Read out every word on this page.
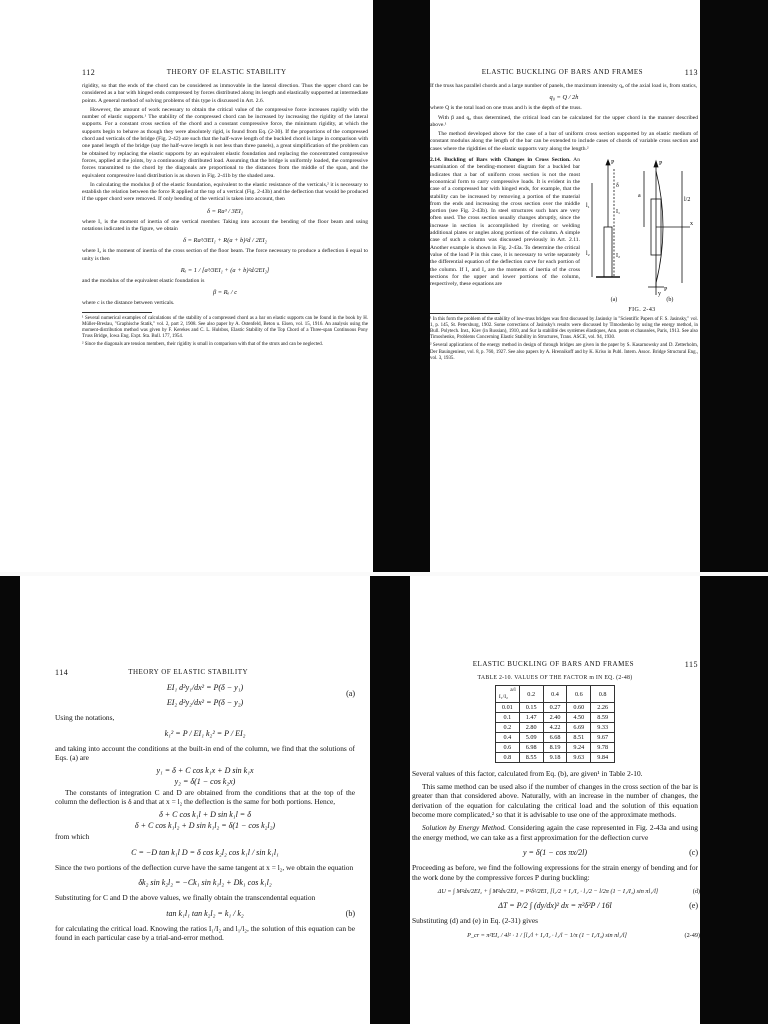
112	THEORY OF ELASTIC STABILITY

rigidity, so that the ends of the chord can be considered as immovable in the lateral direction. Thus the upper chord can be considered as a bar with hinged ends compressed by forces distributed along its length and elastically supported at intermediate points. A general method of solving problems of this type is discussed in Art. 2.6.

However, the amount of work necessary to obtain the critical value of the compressive force increases rapidly with the number of elastic supports.¹ The stability of the compressed chord can be increased by increasing the rigidity of the lateral supports. For a constant cross section of the chord and a constant compressive force, the minimum rigidity, at which the supports begin to behave as though they were absolutely rigid, is found from Eq. (2-30). If the proportions of the compressed chord and verticals of the bridge (Fig. 2-42) are such that the half-wave length of the buckled chord is large in comparison with one panel length of the bridge (say the half-wave length is not less than three panels), a great simplification of the problem can be obtained by replacing the elastic supports by an equivalent elastic foundation and replacing the concentrated compressive forces, applied at the joints, by a continuously distributed load. Assuming that the bridge is uniformly loaded, the compressive forces transmitted to the chord by the diagonals are proportional to the distances from the middle of the span, and the equivalent compressive load distribution is as shown in Fig. 2-41b by the shaded area.

In calculating the modulus β of the elastic foundation, equivalent to the elastic resistance of the verticals,² it is necessary to establish the relation between the force R applied at the top of a vertical (Fig. 2-43b) and the deflection that would be produced if the upper chord were removed. If only bending of the vertical is taken into account, then

δ = Ra³ / 3EI₁

where I₁ is the moment of inertia of one vertical member. Taking into account the bending of the floor beam and using notations indicated in the figure, we obtain

δ = Ra³/3EI₁ + R(a + b)²d / 2EI₂

where I₂ is the moment of inertia of the cross section of the floor beam. The force necessary to produce a deflection δ equal to unity is then

Rₑ = 1 / [a³/3EI₁ + (a + b)²d/2EI₂]

and the modulus of the equivalent elastic foundation is

β = Rₑ / c

where c is the distance between verticals.

¹ Several numerical examples of calculations of the stability of a compressed chord as a bar on elastic supports can be found in the book by H. Müller-Breslau, "Graphische Statik," vol. 2, part 2, 1908. See also paper by A. Ostenfeld, Beton u. Eisen, vol. 15, 1916. An analysis using the moment-distribution method was given by F. Kerekes and C. L. Hulsbos, Elastic Stability of the Top Chord of a Three-span Continuous Pony Truss Bridge, Iowa Eng. Expt. Sta. Bull. 177, 1954.

² Since the diagonals are tension members, their rigidity is small in comparison with that of the struts and can be neglected.

ELASTIC BUCKLING OF BARS AND FRAMES	113

If the truss has parallel chords and a large number of panels, the maximum intensity q₀ of the axial load is, from statics,

q₀ = Q / 2h

where Q is the total load on one truss and h is the depth of the truss.

With β and q₀ thus determined, the critical load can be calculated for the upper chord in the manner described above.¹

The method developed above for the case of a bar of uniform cross section supported by an elastic medium of constant modulus along the length of the bar can be extended to include cases of chords of variable cross section and cases where the rigidities of the elastic supports vary along the length.²

P
δ
l₁
l₂
I₁
I₂
P
x
y
l/2
a
P
(a)	(b)
FIG. 2-43

2.14. Buckling of Bars with Changes in Cross Section. An examination of the bending-moment diagram for a buckled bar indicates that a bar of uniform cross section is not the most economical form to carry compressive loads. It is evident in the case of a compressed bar with hinged ends, for example, that the stability can be increased by removing a portion of the material from the ends and increasing the cross section over the middle portion (see Fig. 2-43b). In steel structures such bars are very often used. The cross section usually changes abruptly, since the increase in section is accomplished by riveting or welding additional plates or angles along portions of the column. A simple case of such a column was discussed previously in Art. 2.11. Another example is shown in Fig. 2-43a. To determine the critical value of the load P in this case, it is necessary to write separately the differential equation of the deflection curve for each portion of the column. If I₁ and I₂ are the moments of inertia of the cross sections for the upper and lower portions of the column, respectively, these equations are

¹ In this form the problem of the stability of low-truss bridges was first discussed by Jasinsky in "Scientific Papers of F. S. Jasinsky," vol. 1, p. 145, St. Petersburg, 1902. Some corrections of Jasinsky's results were discussed by Timoshenko by using the energy method, in Bull. Polytech. Inst., Kiev (in Russian), 1910, and Sur la stabilité des systèmes élastiques, Ann. ponts et chaussées, Paris, 1913. See also Timoshenko, Problems Concerning Elastic Stability in Structures, Trans. ASCE, vol. 94, 1930.

² Several applications of the energy method in design of through bridges are given in the paper by S. Kasarnowsky and D. Zetterholm, Der Bauingenieur, vol. 8, p. 760, 1927. See also papers by A. Hrennikoff and by K. Kriso in Publ. Intern. Assoc. Bridge Structural Eng., vol. 3, 1935.

114	THEORY OF ELASTIC STABILITY
EI₁ d²y₁/dx² = P(δ − y₁)
(a)
EI₂ d²y₂/dx² = P(δ − y₂)

Using the notations,

k₁² = P / EI₁ k₂² = P / EI₂

and taking into account the conditions at the built-in end of the column, we find that the solutions of Eqs. (a) are

y₁ = δ + C cos k₁x + D sin k₁x
y₂ = δ(1 − cos k₂x)

The constants of integration C and D are obtained from the conditions that at the top of the column the deflection is δ and that at x = l₂ the deflection is the same for both portions. Hence,

δ + C cos k₁l + D sin k₁l = δ
δ + C cos k₁l₂ + D sin k₁l₂ = δ(1 − cos k₂l₂)

from which

C = −D tan k₁l D = δ cos k₂l₂ cos k₁l / sin k₁l₁

Since the two portions of the deflection curve have the same tangent at x = l₂, we obtain the equation

δk₂ sin k₂l₂ = −Ck₁ sin k₁l₂ + Dk₁ cos k₁l₂

Substituting for C and D the above values, we finally obtain the transcendental equation

tan k₁l₁ tan k₂l₂ = k₁ / k₂	(b)

for calculating the critical load. Knowing the ratios I₁/I₂ and l₁/l₂, the solution of this equation can be found in each particular case by a trial-and-error method.

ELASTIC BUCKLING OF BARS AND FRAMES	115
TABLE 2-10. VALUES OF THE FACTOR m IN EQ. (2-48)
a/l
I₁/I₂	0.2	0.4	0.6	0.8
0.01	0.15	0.27	0.60	2.26
0.1	1.47	2.40	4.50	8.59
0.2	2.80	4.22	6.69	9.33
0.4	5.09	6.68	8.51	9.67
0.6	6.98	8.19	9.24	9.78
0.8	8.55	9.18	9.63	9.84

Several values of this factor, calculated from Eq. (b), are given¹ in Table 2-10.

This same method can be used also if the number of changes in the cross section of the bar is greater than that considered above. Naturally, with an increase in the number of changes, the derivation of the equation for calculating the critical load and the solution of this equation become more complicated,² so that it is advisable to use one of the approximate methods.

Solution by Energy Method. Considering again the case represented in Fig. 2-43a and using the energy method, we can take as a first approximation for the deflection curve

y = δ(1 − cos πx/2l)	(c)

Proceeding as before, we find the following expressions for the strain energy of bending and for the work done by the compressive forces P during buckling:

ΔU = ∫ M²dx/2EI₂ + ∫ M²dx/2EI₁ = P²δ²/2EI₁ [l₂/2 + I₁/I₂ · l₁/2 − l/2π (1 − I₁/I₂) sin πl₁/l]	(d)
ΔT = P/2 ∫ (dy/dx)² dx = π²δ²P / 16l	(e)

Substituting (d) and (e) in Eq. (2-31) gives

P_cr = π²EI₂ / 4l² · 1 / [l₂/l + I₁/I₂ · l₁/l − 1/π (1 − I₁/I₂) sin πl₁/l]	(2-49)
